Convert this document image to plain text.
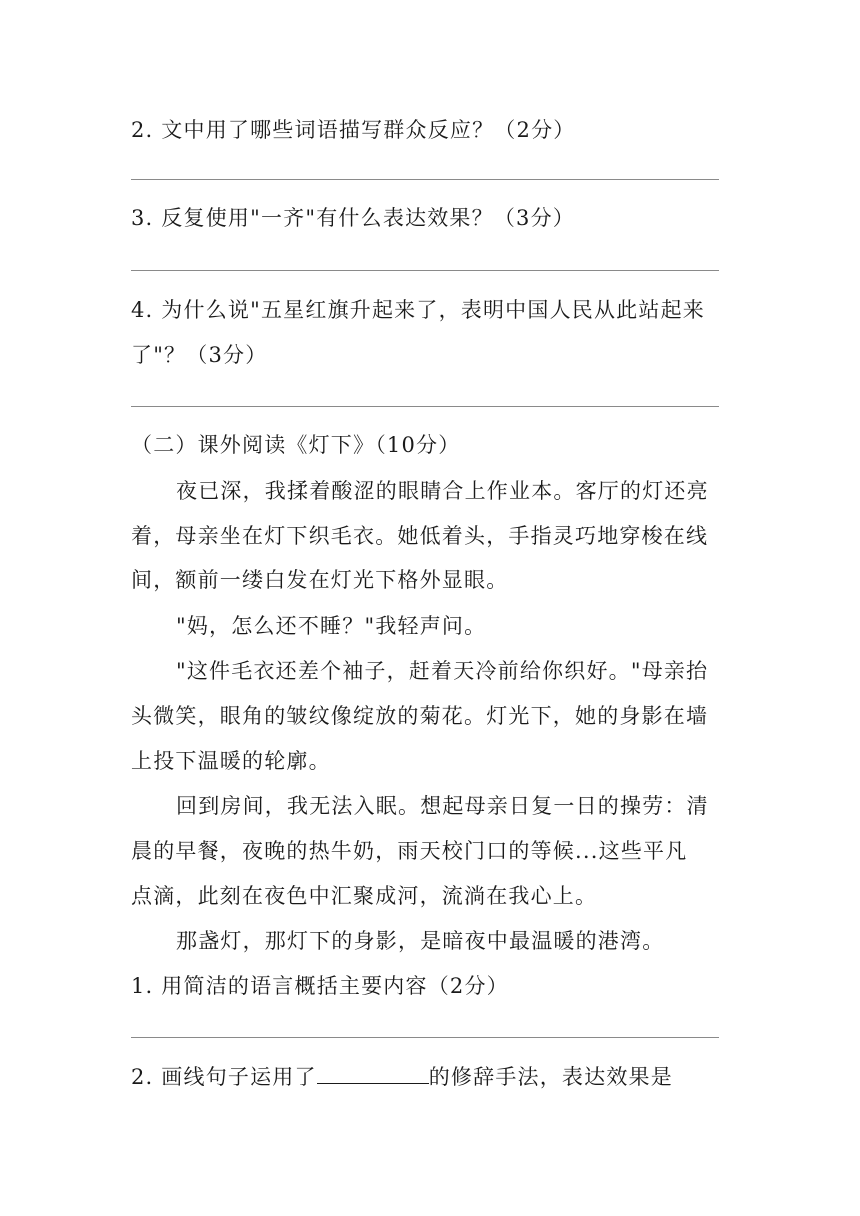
2. 文中用了哪些词语描写群众反应？（2分）
3. 反复使用"一齐"有什么表达效果？（3分）
4. 为什么说"五星红旗升起来了，表明中国人民从此站起来
了"？（3分）
（二）课外阅读《灯下》（10分）
夜已深，我揉着酸涩的眼睛合上作业本。客厅的灯还亮
着，母亲坐在灯下织毛衣。她低着头，手指灵巧地穿梭在线
间，额前一缕白发在灯光下格外显眼。
"妈，怎么还不睡？"我轻声问。
"这件毛衣还差个袖子，赶着天冷前给你织好。"母亲抬
头微笑，眼角的皱纹像绽放的菊花。灯光下，她的身影在墙
上投下温暖的轮廓。
回到房间，我无法入眠。想起母亲日复一日的操劳：清
晨的早餐，夜晚的热牛奶，雨天校门口的等候...这些平凡
点滴，此刻在夜色中汇聚成河，流淌在我心上。
那盏灯，那灯下的身影，是暗夜中最温暖的港湾。
1. 用简洁的语言概括主要内容（2分）
2. 画线句子运用了	的修辞手法，表达效果是
